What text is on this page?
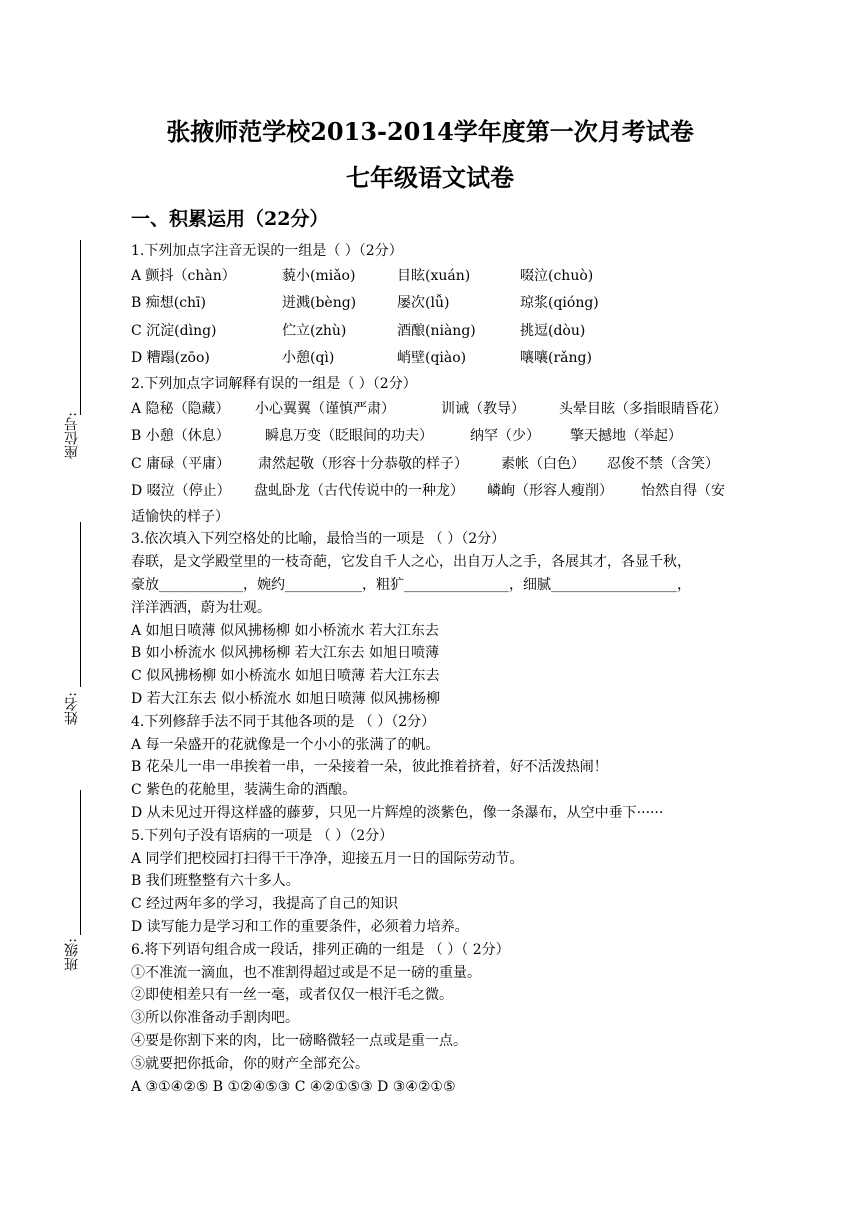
张掖师范学校2013-2014学年度第一次月考试卷
七年级语文试卷
一、积累运用（22分）
座位号:
姓名:
班级:
1.下列加点字注音无误的一组是（ ）（2分）
A 颤抖（chàn）	藐小(miǎo)	目眩(xuán)	啜泣(chuò)
B 痴想(chī)	迸溅(bèng)	屡次(lǚ)	琼浆(qióng)
C 沉淀(dìng)	伫立(zhù)	酒酿(niàng)	挑逗(dòu)
D 糟蹋(zōo)	小憩(qì)	峭壁(qiào)	嚷嚷(rǎng)
2.下列加点字词解释有误的一组是（ ）（2分）
A 隐秘（隐藏） 小心翼翼（谨慎严肃）	训诫（教导） 头晕目眩（多指眼睛昏花）
B 小憩（休息）	瞬息万变（眨眼间的功夫）	纳罕（少） 擎天撼地（举起）
C 庸碌（平庸） 肃然起敬（形容十分恭敬的样子） 素帐（白色） 忍俊不禁（含笑）
D 啜泣（停止） 盘虬卧龙（古代传说中的一种龙） 嶙峋（形容人瘦削） 怡然自得（安
适愉快的样子）
3.依次填入下列空格处的比喻，最恰当的一项是 （ ）（2分）
春联，是文学殿堂里的一枝奇葩，它发自千人之心，出自万人之手，各展其才，各显千秋，
豪放____________，婉约___________，粗犷_______________，细腻__________________，
洋洋洒洒，蔚为壮观。
A 如旭日喷薄 似风拂杨柳 如小桥流水 若大江东去
B 如小桥流水 似风拂杨柳 若大江东去 如旭日喷薄
C 似风拂杨柳 如小桥流水 如旭日喷薄 若大江东去
D 若大江东去 似小桥流水 如旭日喷薄 似风拂杨柳
4.下列修辞手法不同于其他各项的是 （ ）（2分）
A 每一朵盛开的花就像是一个小小的张满了的帆。
B 花朵儿一串一串挨着一串，一朵接着一朵，彼此推着挤着，好不活泼热闹！
C 紫色的花舱里，装满生命的酒酿。
D 从未见过开得这样盛的藤萝，只见一片辉煌的淡紫色，像一条瀑布，从空中垂下······
5.下列句子没有语病的一项是 （ ）（2分）
A 同学们把校园打扫得干干净净，迎接五月一日的国际劳动节。
B 我们班整整有六十多人。
C 经过两年多的学习，我提高了自己的知识
D 读写能力是学习和工作的重要条件，必须着力培养。
6.将下列语句组合成一段话，排列正确的一组是 （ ）（ 2分）
①不准流一滴血，也不准割得超过或是不足一磅的重量。
②即使相差只有一丝一毫，或者仅仅一根汗毛之微。
③所以你准备动手割肉吧。
④要是你割下来的肉，比一磅略微轻一点或是重一点。
⑤就要把你抵命，你的财产全部充公。
A ③①④②⑤ B ①②④⑤③ C ④②①⑤③ D ③④②①⑤
